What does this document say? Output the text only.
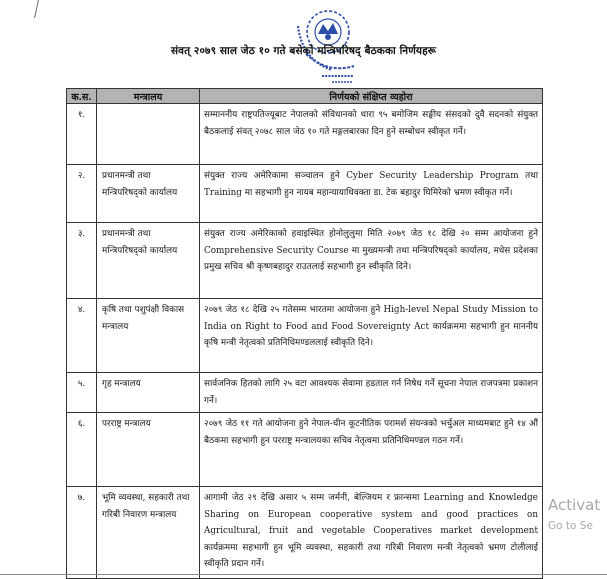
संवत् २०७९ साल जेठ १० गते बसेको मन्त्रिपरिषद् बैठकका निर्णयहरू
क.स.	मन्त्रालय	निर्णयको संक्षिप्त व्यहोरा
१.		सम्माननीय राष्ट्रपतिज्यूबाट नेपालको संविधानको धारा ९५ बमोजिम सङ्घीय संसदको दुवै सदनको संयुक्त बैठकलाई संवत् २०७८ साल जेठ १० गते मङ्गलबारका दिन हुने सम्बोधन स्वीकृत गर्ने।
२.	प्रधानमन्त्री तथा मन्त्रिपरिषद्को कार्यालय	संयुक्त राज्य अमेरिकामा सञ्चालन हुने Cyber Security Leadership Program तथा Training मा सहभागी हुन नायब महान्यायाधिवक्ता डा. टेक बहादुर घिमिरेको भ्रमण स्वीकृत गर्ने।
३.	प्रधानमन्त्री तथा मन्त्रिपरिषद्को कार्यालय	संयुक्त राज्य अमेरिकाको हवाइस्थित होनोलुलुमा मिति २०७९ जेठ १८ देखि २० सम्म आयोजना हुने Comprehensive Security Course मा मुख्यमन्त्री तथा मन्त्रिपरिषद्को कार्यालय, मधेस प्रदेशका प्रमुख सचिव श्री कृष्णबहादुर राउतलाई सहभागी हुन स्वीकृति दिने।
४.	कृषि तथा पशुपंक्षी विकास मन्त्रालय	२०७९ जेठ १८ देखि २५ गतेसम्म भारतमा आयोजना हुने High-level Nepal Study Mission to India on Right to Food and Food Sovereignty Act कार्यक्रममा सहभागी हुन माननीय कृषि मन्त्री नेतृत्वको प्रतिनिधिमण्डललाई स्वीकृति दिने।
५.	गृह मन्त्रालय	सार्वजनिक हितको लागि २५ वटा आवश्यक सेवामा हडताल गर्न निषेध गर्ने सूचना नेपाल राजपत्रमा प्रकाशन गर्ने।
६.	परराष्ट्र मन्त्रालय	२०७९ जेठ ११ गते आयोजना हुने नेपाल-चीन कूटनीतिक परामर्श संयन्त्रको भर्चुअल माध्यमबाट हुने १४ औं बैठकमा सहभागी हुन परराष्ट्र मन्त्रालयका सचिव नेतृत्वमा प्रतिनिधिमण्डल गठन गर्ने।
७.	भूमि व्यवस्था, सहकारी तथा गरिबी निवारण मन्त्रालय	आगामी जेठ २९ देखि असार ५ सम्म जर्मनी, बेल्जियम र फ्रान्समा Learning and Knowledge Sharing on European cooperative system and good practices on Agricultural, fruit and vegetable Cooperatives market development कार्यक्रममा सहभागी हुन भूमि व्यवस्था, सहकारी तथा गरिबी निवारण मन्त्री नेतृत्वको भ्रमण टोलीलाई स्वीकृति प्रदान गर्ने।
Activat
Go to Se
